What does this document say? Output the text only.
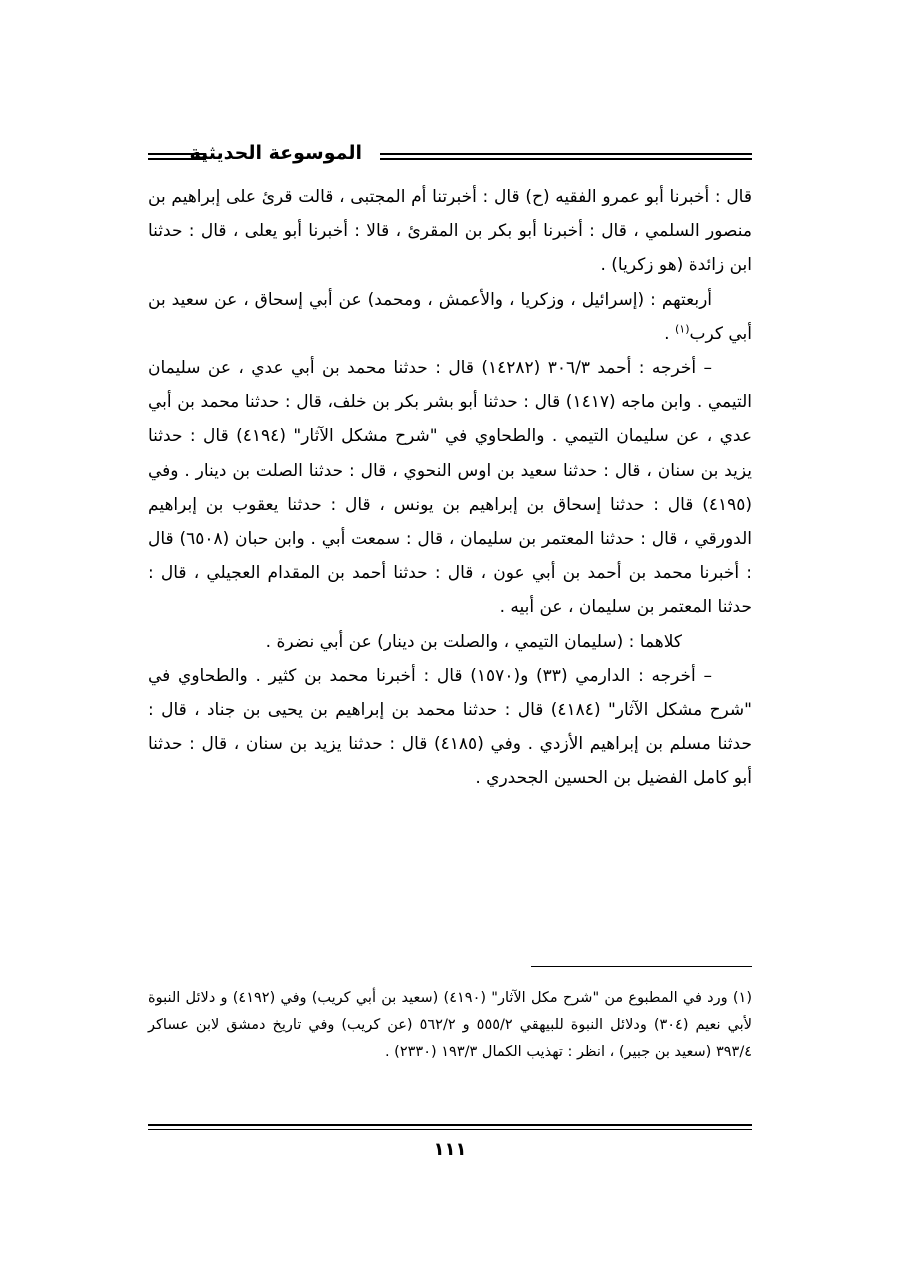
الموسوعة الحديثية

قال : أخبرنا أبو عمرو الفقيه (ح) قال : أخبرتنا أم المجتبى ، قالت قرئ على إبراهيم بن منصور السلمي ، قال : أخبرنا أبو بكر بن المقرئ ، قالا : أخبرنا أبو يعلى ، قال : حدثنا ابن زائدة (هو زكريا) .

أربعتهم : (إسرائيل ، وزكريا ، والأعمش ، ومحمد) عن أبي إسحاق ، عن سعيد بن أبي كرب$^{(١)}$ .

– أخرجه : أحمد ٣٠٦/٣ (١٤٢٨٢) قال : حدثنا محمد بن أبي عدي ، عن سليمان التيمي . وابن ماجه (١٤١٧) قال : حدثنا أبو بشر بكر بن خلف، قال : حدثنا محمد بن أبي عدي ، عن سليمان التيمي . والطحاوي في "شرح مشكل الآثار" (٤١٩٤) قال : حدثنا يزيد بن سنان ، قال : حدثنا سعيد بن اوس النحوي ، قال : حدثنا الصلت بن دينار . وفي (٤١٩٥) قال : حدثنا إسحاق بن إبراهيم بن يونس ، قال : حدثنا يعقوب بن إبراهيم الدورقي ، قال : حدثنا المعتمر بن سليمان ، قال : سمعت أبي . وابن حبان (٦٥٠٨) قال : أخبرنا محمد بن أحمد بن أبي عون ، قال : حدثنا أحمد بن المقدام العجيلي ، قال : حدثنا المعتمر بن سليمان ، عن أبيه .

كلاهما : (سليمان التيمي ، والصلت بن دينار) عن أبي نضرة .

– أخرجه : الدارمي (٣٣) و(١٥٧٠) قال : أخبرنا محمد بن كثير . والطحاوي في "شرح مشكل الآثار" (٤١٨٤) قال : حدثنا محمد بن إبراهيم بن يحيى بن جناد ، قال : حدثنا مسلم بن إبراهيم الأزدي . وفي (٤١٨٥) قال : حدثنا يزيد بن سنان ، قال : حدثنا أبو كامل الفضيل بن الحسين الجحدري .

(١) ورد في المطبوع من "شرح مكل الآثار" (٤١٩٠) (سعيد بن أبي كريب) وفي (٤١٩٢) و دلائل النبوة لأبي نعيم (٣٠٤) ودلائل النبوة للبيهقي ٥٥٥/٢ و ٥٦٢/٢ (عن كريب) وفي تاريخ دمشق لابن عساكر ٣٩٣/٤ (سعيد بن جبير) ، انظر : تهذيب الكمال ١٩٣/٣ (٢٣٣٠) .

١١١
